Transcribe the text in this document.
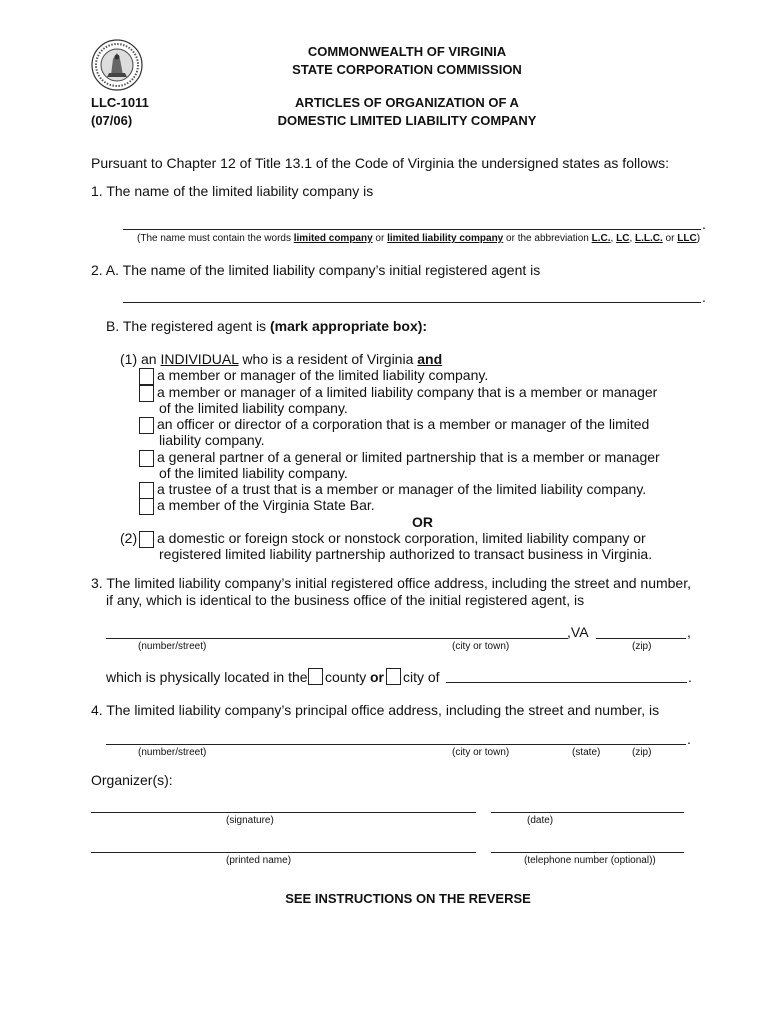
COMMONWEALTH OF VIRGINIA
STATE CORPORATION COMMISSION
LLC-1011
(07/06)
ARTICLES OF ORGANIZATION OF A
DOMESTIC LIMITED LIABILITY COMPANY
Pursuant to Chapter 12 of Title 13.1 of the Code of Virginia the undersigned states as follows:
1. The name of the limited liability company is
.
(The name must contain the words limited company or limited liability company or the abbreviation L.C., LC, L.L.C. or LLC)
2. A. The name of the limited liability company’s initial registered agent is
.
B. The registered agent is (mark appropriate box):
(1) an INDIVIDUAL who is a resident of Virginia and
a member or manager of the limited liability company.
a member or manager of a limited liability company that is a member or manager
of the limited liability company.
an officer or director of a corporation that is a member or manager of the limited
liability company.
a general partner of a general or limited partnership that is a member or manager
of the limited liability company.
a trustee of a trust that is a member or manager of the limited liability company.
a member of the Virginia State Bar.
OR
(2) a domestic or foreign stock or nonstock corporation, limited liability company or
registered limited liability partnership authorized to transact business in Virginia.
3. The limited liability company’s initial registered office address, including the street and number,
if any, which is identical to the business office of the initial registered agent, is
,VA	,
(number/street)	(city or town)	(zip)
which is physically located in the county or city of	.
4. The limited liability company’s principal office address, including the street and number, is
.
(number/street)	(city or town)	(state)	(zip)
Organizer(s):
(signature)	(date)
(printed name)	(telephone number (optional))
SEE INSTRUCTIONS ON THE REVERSE
